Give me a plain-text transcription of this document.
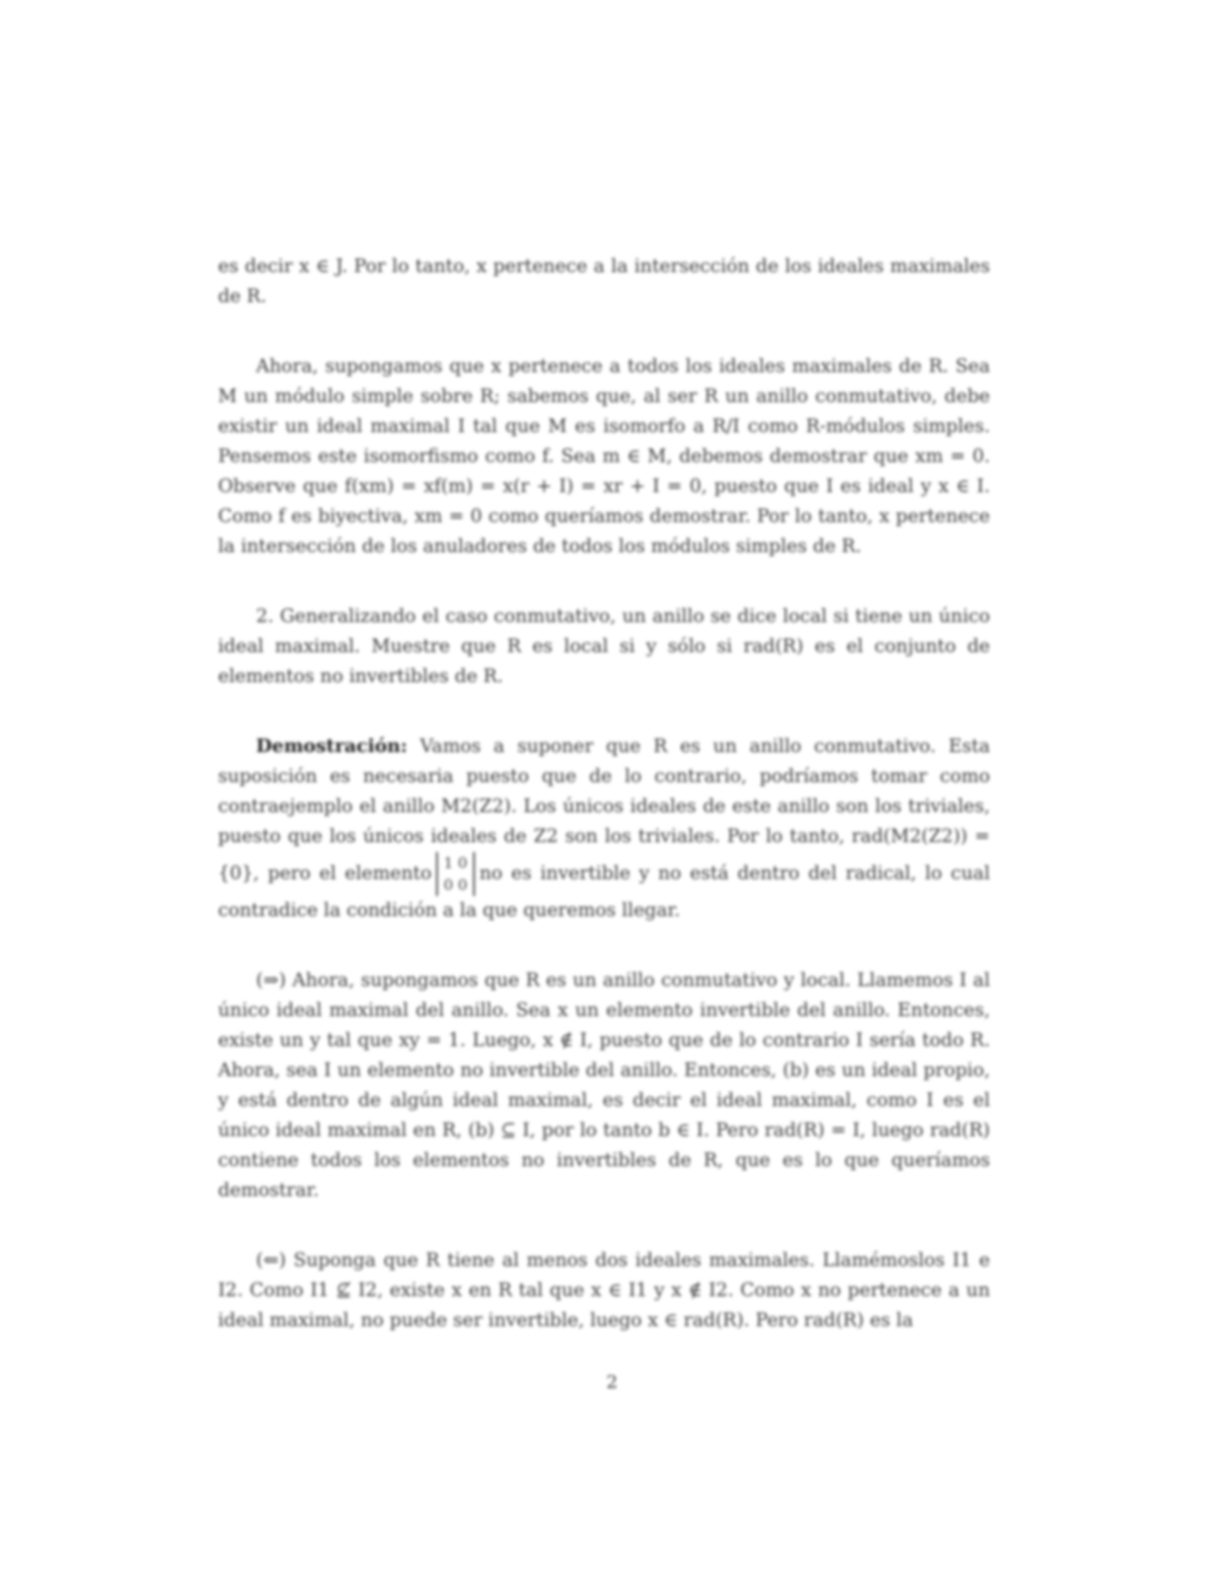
es decir x ∈ J. Por lo tanto, x pertenece a la intersección de los ideales maximales de R.

Ahora, supongamos que x pertenece a todos los ideales maximales de R. Sea M un módulo simple sobre R; sabemos que, al ser R un anillo conmutativo, debe existir un ideal maximal I tal que M es isomorfo a R/I como R-módulos simples. Pensemos este isomorfismo como f. Sea m ∈ M, debemos demostrar que xm = 0. Observe que f(xm) = xf(m) = x(r + I) = xr + I = 0, puesto que I es ideal y x ∈ I. Como f es biyectiva, xm = 0 como queríamos demostrar. Por lo tanto, x pertenece la intersección de los anuladores de todos los módulos simples de R.

2. Generalizando el caso conmutativo, un anillo se dice local si tiene un único ideal maximal. Muestre que R es local si y sólo si rad(R) es el conjunto de elementos no invertibles de R.

Demostración: Vamos a suponer que R es un anillo conmutativo. Esta suposición es necesaria puesto que de lo contrario, podríamos tomar como contraejemplo el anillo M2(Z2). Los únicos ideales de este anillo son los triviales, puesto que los únicos ideales de Z2 son los triviales. Por lo tanto, rad(M2(Z2)) = {0}, pero el elemento 1 0
0 0
no es invertible y no está dentro del radical, lo cual contradice la condición a la que queremos llegar.

(⇒) Ahora, supongamos que R es un anillo conmutativo y local. Llamemos I al único ideal maximal del anillo. Sea x un elemento invertible del anillo. Entonces, existe un y tal que xy = 1. Luego, x ∉ I, puesto que de lo contrario I sería todo R. Ahora, sea I un elemento no invertible del anillo. Entonces, (b) es un ideal propio, y está dentro de algún ideal maximal, es decir el ideal maximal, como I es el único ideal maximal en R, (b) ⊆ I, por lo tanto b ∈ I. Pero rad(R) = I, luego rad(R) contiene todos los elementos no invertibles de R, que es lo que queríamos demostrar.

(⇐) Suponga que R tiene al menos dos ideales maximales. Llamémoslos I1 e I2. Como I1 ⊈ I2, existe x en R tal que x ∈ I1 y x ∉ I2. Como x no pertenece a un ideal maximal, no puede ser invertible, luego x ∈ rad(R). Pero rad(R) es la

2
